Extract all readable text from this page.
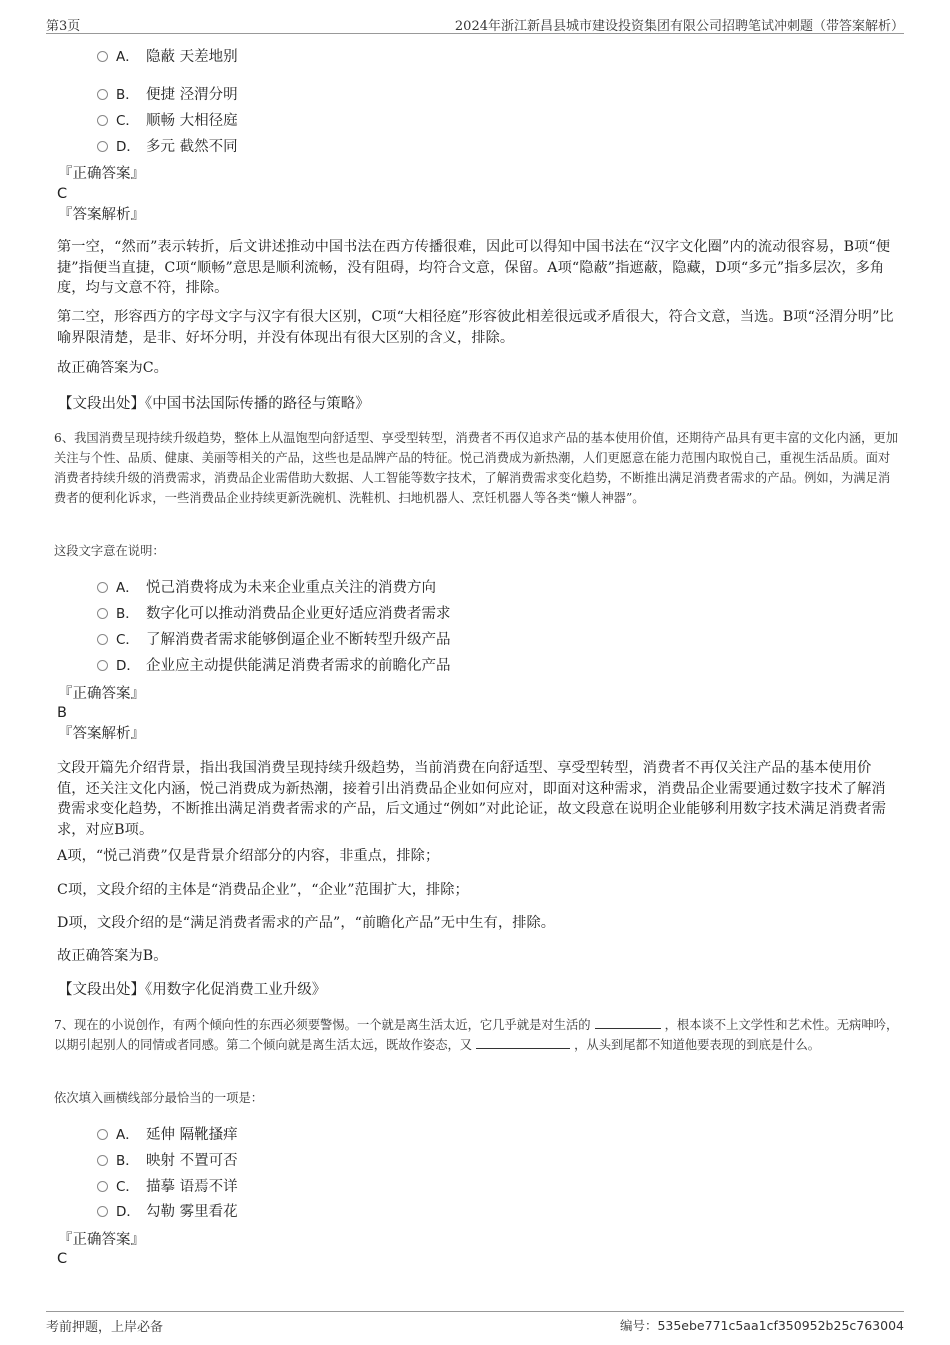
第3页	2024年浙江新昌县城市建设投资集团有限公司招聘笔试冲刺题（带答案解析）
A． 隐蔽 天差地别
B． 便捷 泾渭分明
C． 顺畅 大相径庭
D． 多元 截然不同
『正确答案』
C
『答案解析』
第一空，“然而”表示转折，后文讲述推动中国书法在西方传播很难，因此可以得知中国书法在“汉字文化圈”内的流动很容易，B项“便捷”指便当直捷，C项“顺畅”意思是顺利流畅，没有阻碍，均符合文意，保留。A项“隐蔽”指遮蔽，隐藏，D项“多元”指多层次，多角度，均与文意不符，排除。
第二空，形容西方的字母文字与汉字有很大区别，C项“大相径庭”形容彼此相差很远或矛盾很大，符合文意，当选。B项“泾渭分明”比喻界限清楚，是非、好坏分明，并没有体现出有很大区别的含义，排除。
故正确答案为C。
【文段出处】《中国书法国际传播的路径与策略》
6、我国消费呈现持续升级趋势，整体上从温饱型向舒适型、享受型转型，消费者不再仅追求产品的基本使用价值，还期待产品具有更丰富的文化内涵，更加关注与个性、品质、健康、美丽等相关的产品，这些也是品牌产品的特征。悦己消费成为新热潮，人们更愿意在能力范围内取悦自己，重视生活品质。面对消费者持续升级的消费需求，消费品企业需借助大数据、人工智能等数字技术，了解消费需求变化趋势，不断推出满足消费者需求的产品。例如，为满足消费者的便利化诉求，一些消费品企业持续更新洗碗机、洗鞋机、扫地机器人、烹饪机器人等各类“懒人神器”。
这段文字意在说明：
A． 悦己消费将成为未来企业重点关注的消费方向
B． 数字化可以推动消费品企业更好适应消费者需求
C． 了解消费者需求能够倒逼企业不断转型升级产品
D． 企业应主动提供能满足消费者需求的前瞻化产品
『正确答案』
B
『答案解析』
文段开篇先介绍背景，指出我国消费呈现持续升级趋势，当前消费在向舒适型、享受型转型，消费者不再仅关注产品的基本使用价值，还关注文化内涵，悦己消费成为新热潮，接着引出消费品企业如何应对，即面对这种需求，消费品企业需要通过数字技术了解消费需求变化趋势，不断推出满足消费者需求的产品，后文通过“例如”对此论证，故文段意在说明企业能够利用数字技术满足消费者需求，对应B项。
A项，“悦己消费”仅是背景介绍部分的内容，非重点，排除；
C项，文段介绍的主体是“消费品企业”，“企业”范围扩大，排除；
D项，文段介绍的是“满足消费者需求的产品”，“前瞻化产品”无中生有，排除。
故正确答案为B。
【文段出处】《用数字化促消费工业升级》
7、现在的小说创作，有两个倾向性的东西必须要警惕。一个就是离生活太近，它几乎就是对生活的	，根本谈不上文学性和艺术性。无病呻吟，以期引起别人的同情或者同感。第二个倾向就是离生活太远，既故作姿态，又	，从头到尾都不知道他要表现的到底是什么。
依次填入画横线部分最恰当的一项是：
A． 延伸 隔靴搔痒
B． 映射 不置可否
C． 描摹 语焉不详
D． 勾勒 雾里看花
『正确答案』
C
考前押题，上岸必备	编号：535ebe771c5aa1cf350952b25c763004
